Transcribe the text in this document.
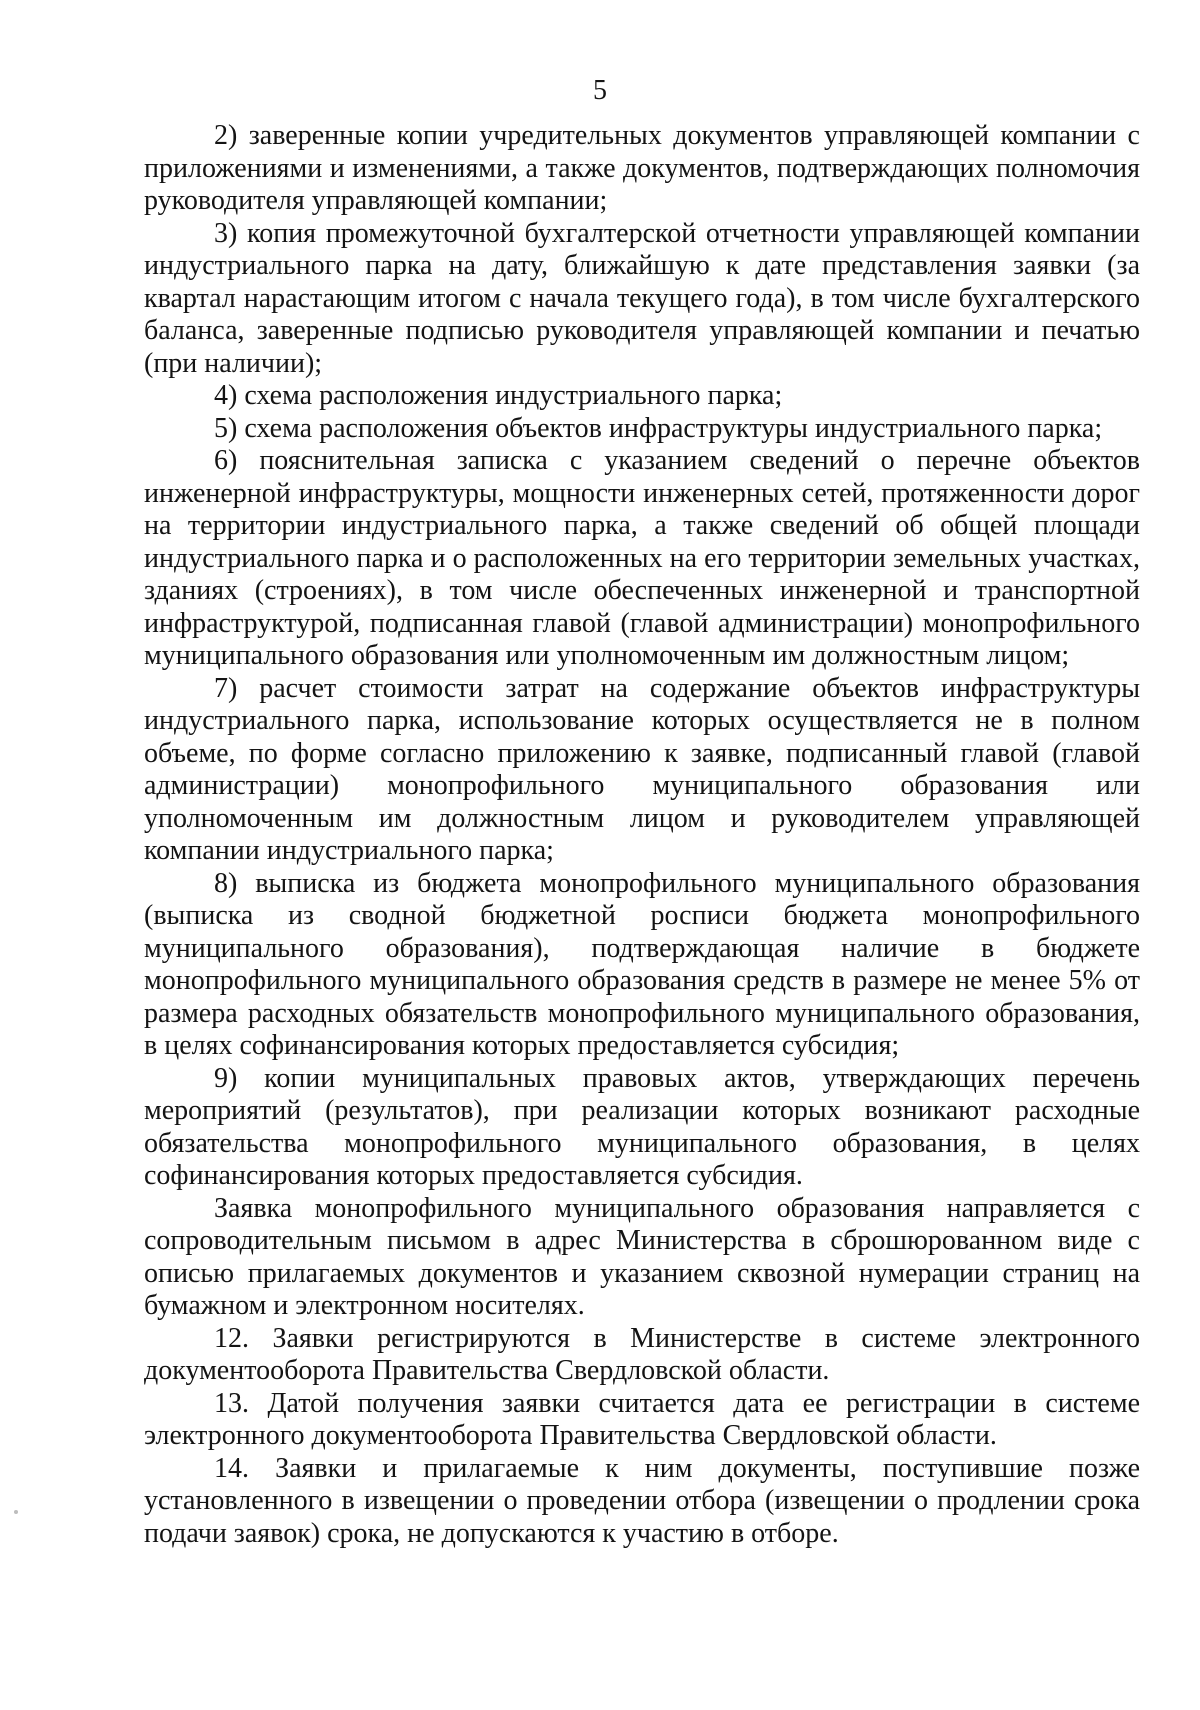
5

2) заверенные копии учредительных документов управляющей компании с приложениями и изменениями, а также документов, подтверждающих полномочия руководителя управляющей компании;

3) копия промежуточной бухгалтерской отчетности управляющей компании индустриального парка на дату, ближайшую к дате представления заявки (за квартал нарастающим итогом с начала текущего года), в том числе бухгалтерского баланса, заверенные подписью руководителя управляющей компании и печатью (при наличии);

4) схема расположения индустриального парка;

5) схема расположения объектов инфраструктуры индустриального парка;

6) пояснительная записка с указанием сведений о перечне объектов инженерной инфраструктуры, мощности инженерных сетей, протяженности дорог на территории индустриального парка, а также сведений об общей площади индустриального парка и о расположенных на его территории земельных участках, зданиях (строениях), в том числе обеспеченных инженерной и транспортной инфраструктурой, подписанная главой (главой администрации) монопрофильного муниципального образования или уполномоченным им должностным лицом;

7) расчет стоимости затрат на содержание объектов инфраструктуры индустриального парка, использование которых осуществляется не в полном объеме, по форме согласно приложению к заявке, подписанный главой (главой администрации) монопрофильного муниципального образования или уполномоченным им должностным лицом и руководителем управляющей компании индустриального парка;

8) выписка из бюджета монопрофильного муниципального образования (выписка из сводной бюджетной росписи бюджета монопрофильного муниципального образования), подтверждающая наличие в бюджете монопрофильного муниципального образования средств в размере не менее 5% от размера расходных обязательств монопрофильного муниципального образования, в целях софинансирования которых предоставляется субсидия;

9) копии муниципальных правовых актов, утверждающих перечень мероприятий (результатов), при реализации которых возникают расходные обязательства монопрофильного муниципального образования, в целях софинансирования которых предоставляется субсидия.

Заявка монопрофильного муниципального образования направляется с сопроводительным письмом в адрес Министерства в сброшюрованном виде с описью прилагаемых документов и указанием сквозной нумерации страниц на бумажном и электронном носителях.

12. Заявки регистрируются в Министерстве в системе электронного документооборота Правительства Свердловской области.

13. Датой получения заявки считается дата ее регистрации в системе электронного документооборота Правительства Свердловской области.

14. Заявки и прилагаемые к ним документы, поступившие позже установленного в извещении о проведении отбора (извещении о продлении срока подачи заявок) срока, не допускаются к участию в отборе.
